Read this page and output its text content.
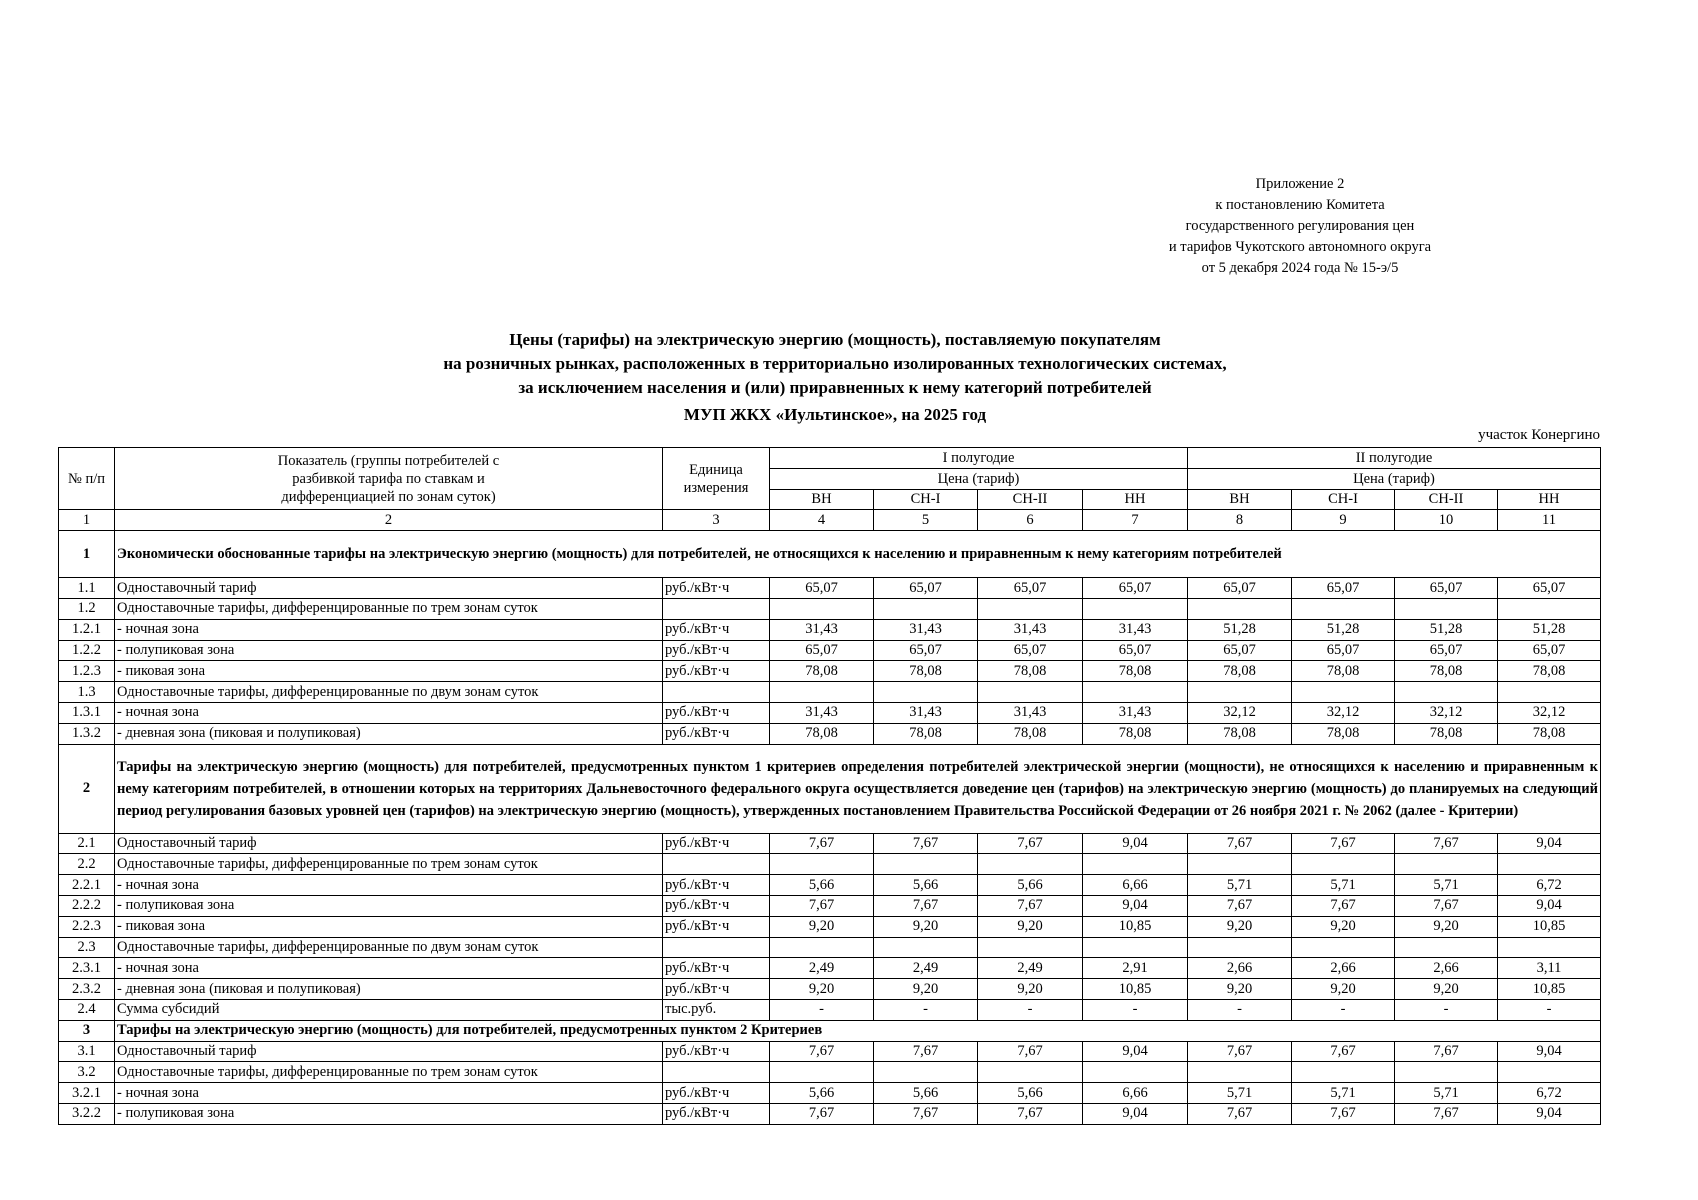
Приложение 2
к постановлению Комитета
государственного регулирования цен
и тарифов Чукотского автономного округа
от 5 декабря 2024 года № 15-э/5
Цены (тарифы) на электрическую энергию (мощность), поставляемую покупателям
на розничных рынках, расположенных в территориально изолированных технологических системах,
за исключением населения и (или) приравненных к нему категорий потребителей
МУП ЖКХ «Иультинское», на 2025 год
участок Конергино
№ п/п	Показатель (группы потребителей с разбивкой тарифа по ставкам и дифференциацией по зонам суток)	Единица измерения	I полугодие				II полугодие			
			Цена (тариф)				Цена (тариф)			
			ВН	СН-I	СН-II	НН	ВН	СН-I	СН-II	НН
1	2	3	4	5	6	7	8	9	10	11
1	Экономически обоснованные тарифы на электрическую энергию (мощность) для потребителей, не относящихся к населению и приравненным к нему категориям потребителей									
1.1	Одноставочный тариф	руб./кВт·ч	65,07	65,07	65,07	65,07	65,07	65,07	65,07	65,07
1.2	Одноставочные тарифы, дифференцированные по трем зонам суток									
1.2.1	- ночная зона	руб./кВт·ч	31,43	31,43	31,43	31,43	51,28	51,28	51,28	51,28
1.2.2	- полупиковая зона	руб./кВт·ч	65,07	65,07	65,07	65,07	65,07	65,07	65,07	65,07
1.2.3	- пиковая зона	руб./кВт·ч	78,08	78,08	78,08	78,08	78,08	78,08	78,08	78,08
1.3	Одноставочные тарифы, дифференцированные по двум зонам суток									
1.3.1	- ночная зона	руб./кВт·ч	31,43	31,43	31,43	31,43	32,12	32,12	32,12	32,12
1.3.2	- дневная зона (пиковая и полупиковая)	руб./кВт·ч	78,08	78,08	78,08	78,08	78,08	78,08	78,08	78,08
2	Тарифы на электрическую энергию (мощность) для потребителей, предусмотренных пунктом 1 критериев определения потребителей электрической энергии (мощности), не относящихся к населению и приравненным к нему категориям потребителей, в отношении которых на территориях Дальневосточного федерального округа осуществляется доведение цен (тарифов) на электрическую энергию (мощность) до планируемых на следующий период регулирования базовых уровней цен (тарифов) на электрическую энергию (мощность), утвержденных постановлением Правительства Российской Федерации от 26 ноября 2021 г. № 2062 (далее - Критерии)									
2.1	Одноставочный тариф	руб./кВт·ч	7,67	7,67	7,67	9,04	7,67	7,67	7,67	9,04
2.2	Одноставочные тарифы, дифференцированные по трем зонам суток									
2.2.1	- ночная зона	руб./кВт·ч	5,66	5,66	5,66	6,66	5,71	5,71	5,71	6,72
2.2.2	- полупиковая зона	руб./кВт·ч	7,67	7,67	7,67	9,04	7,67	7,67	7,67	9,04
2.2.3	- пиковая зона	руб./кВт·ч	9,20	9,20	9,20	10,85	9,20	9,20	9,20	10,85
2.3	Одноставочные тарифы, дифференцированные по двум зонам суток									
2.3.1	- ночная зона	руб./кВт·ч	2,49	2,49	2,49	2,91	2,66	2,66	2,66	3,11
2.3.2	- дневная зона (пиковая и полупиковая)	руб./кВт·ч	9,20	9,20	9,20	10,85	9,20	9,20	9,20	10,85
2.4	Сумма субсидий	тыс.руб.	-	-	-	-	-	-	-	-
3	Тарифы на электрическую энергию (мощность) для потребителей, предусмотренных пунктом 2 Критериев									
3.1	Одноставочный тариф	руб./кВт·ч	7,67	7,67	7,67	9,04	7,67	7,67	7,67	9,04
3.2	Одноставочные тарифы, дифференцированные по трем зонам суток									
3.2.1	- ночная зона	руб./кВт·ч	5,66	5,66	5,66	6,66	5,71	5,71	5,71	6,72
3.2.2	- полупиковая зона	руб./кВт·ч	7,67	7,67	7,67	9,04	7,67	7,67	7,67	9,04
